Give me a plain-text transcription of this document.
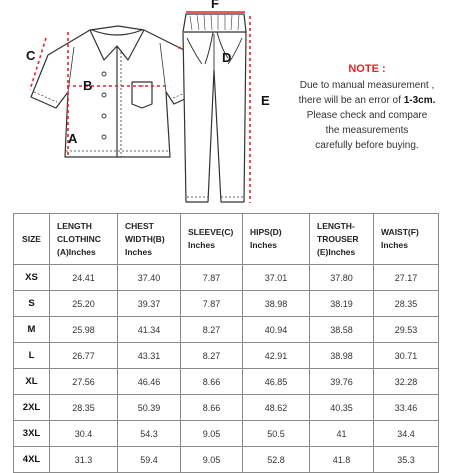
A
B
C	D
E
F
NOTE :
Due to manual measurement ,
there will be an error of 1-3cm.
Please check and compare
the measurements
carefully before buying.
SIZE	LENGTH
CLOTHINC
(A)Inches	CHEST
WIDTH(B)
Inches	SLEEVE(C)
Inches	HIPS(D)
Inches	LENGTH-
TROUSER
(E)Inches	WAIST(F)
Inches

XS	24.41	37.40	7.87	37.01	37.80	27.17
S	25.20	39.37	7.87	38.98	38.19	28.35
M	25.98	41.34	8.27	40.94	38.58	29.53
L	26.77	43.31	8.27	42.91	38.98	30.71
XL	27.56	46.46	8.66	46.85	39.76	32.28
2XL	28.35	50.39	8.66	48.62	40.35	33.46
3XL	30.4	54.3	9.05	50.5	41	34.4
4XL	31.3	59.4	9.05	52.8	41.8	35.3
